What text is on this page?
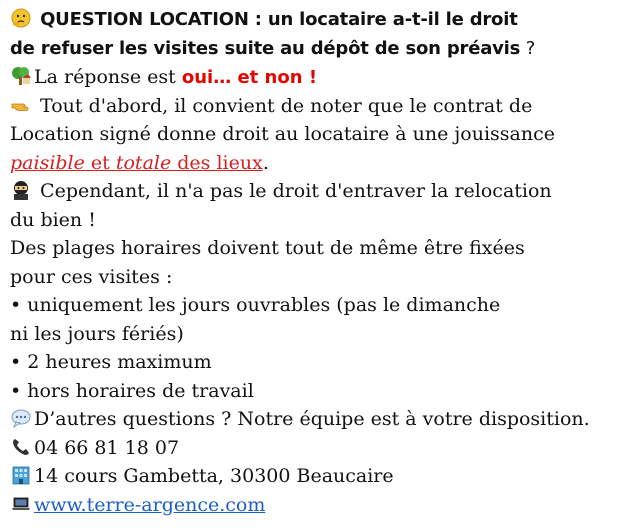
QUESTION LOCATION : un locataire a-t-il le droit
de refuser les visites suite au dépôt de son préavis ?
La réponse est oui… et non !
Tout d'abord, il convient de noter que le contrat de
Location signé donne droit au locataire à une jouissance
paisible et totale des lieux.
Cependant, il n'a pas le droit d'entraver la relocation
du bien !
Des plages horaires doivent tout de même être fixées
pour ces visites :
• uniquement les jours ouvrables (pas le dimanche
ni les jours fériés)
• 2 heures maximum
• hors horaires de travail
D’autres questions ? Notre équipe est à votre disposition.
04 66 81 18 07
14 cours Gambetta, 30300 Beaucaire
www.terre-argence.com
